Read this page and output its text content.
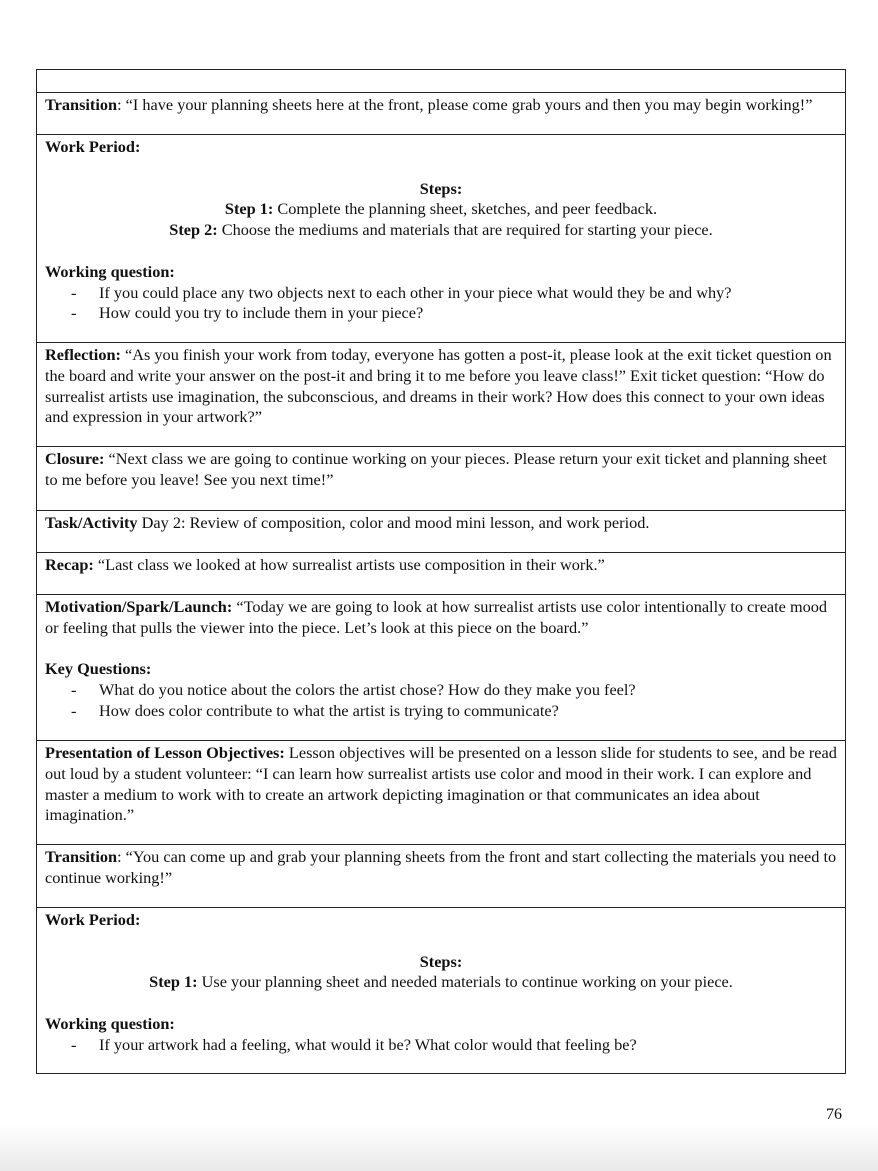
Transition: “I have your planning sheets here at the front, please come grab yours and then you may begin working!”
Work Period:
Steps:
Step 1: Complete the planning sheet, sketches, and peer feedback.
Step 2: Choose the mediums and materials that are required for starting your piece.
Working question:
- If you could place any two objects next to each other in your piece what would they be and why?
- How could you try to include them in your piece?
Reflection: “As you finish your work from today, everyone has gotten a post-it, please look at the exit ticket question on the board and write your answer on the post-it and bring it to me before you leave class!” Exit ticket question: “How do surrealist artists use imagination, the subconscious, and dreams in their work? How does this connect to your own ideas and expression in your artwork?”
Closure: “Next class we are going to continue working on your pieces. Please return your exit ticket and planning sheet to me before you leave! See you next time!”
Task/Activity Day 2: Review of composition, color and mood mini lesson, and work period.
Recap: “Last class we looked at how surrealist artists use composition in their work.”
Motivation/Spark/Launch: “Today we are going to look at how surrealist artists use color intentionally to create mood or feeling that pulls the viewer into the piece. Let’s look at this piece on the board.”
Key Questions:
- What do you notice about the colors the artist chose? How do they make you feel?
- How does color contribute to what the artist is trying to communicate?
Presentation of Lesson Objectives: Lesson objectives will be presented on a lesson slide for students to see, and be read out loud by a student volunteer: “I can learn how surrealist artists use color and mood in their work. I can explore and master a medium to work with to create an artwork depicting imagination or that communicates an idea about imagination.”
Transition: “You can come up and grab your planning sheets from the front and start collecting the materials you need to continue working!”
Work Period:
Steps:
Step 1: Use your planning sheet and needed materials to continue working on your piece.
Working question:
- If your artwork had a feeling, what would it be? What color would that feeling be?
76
